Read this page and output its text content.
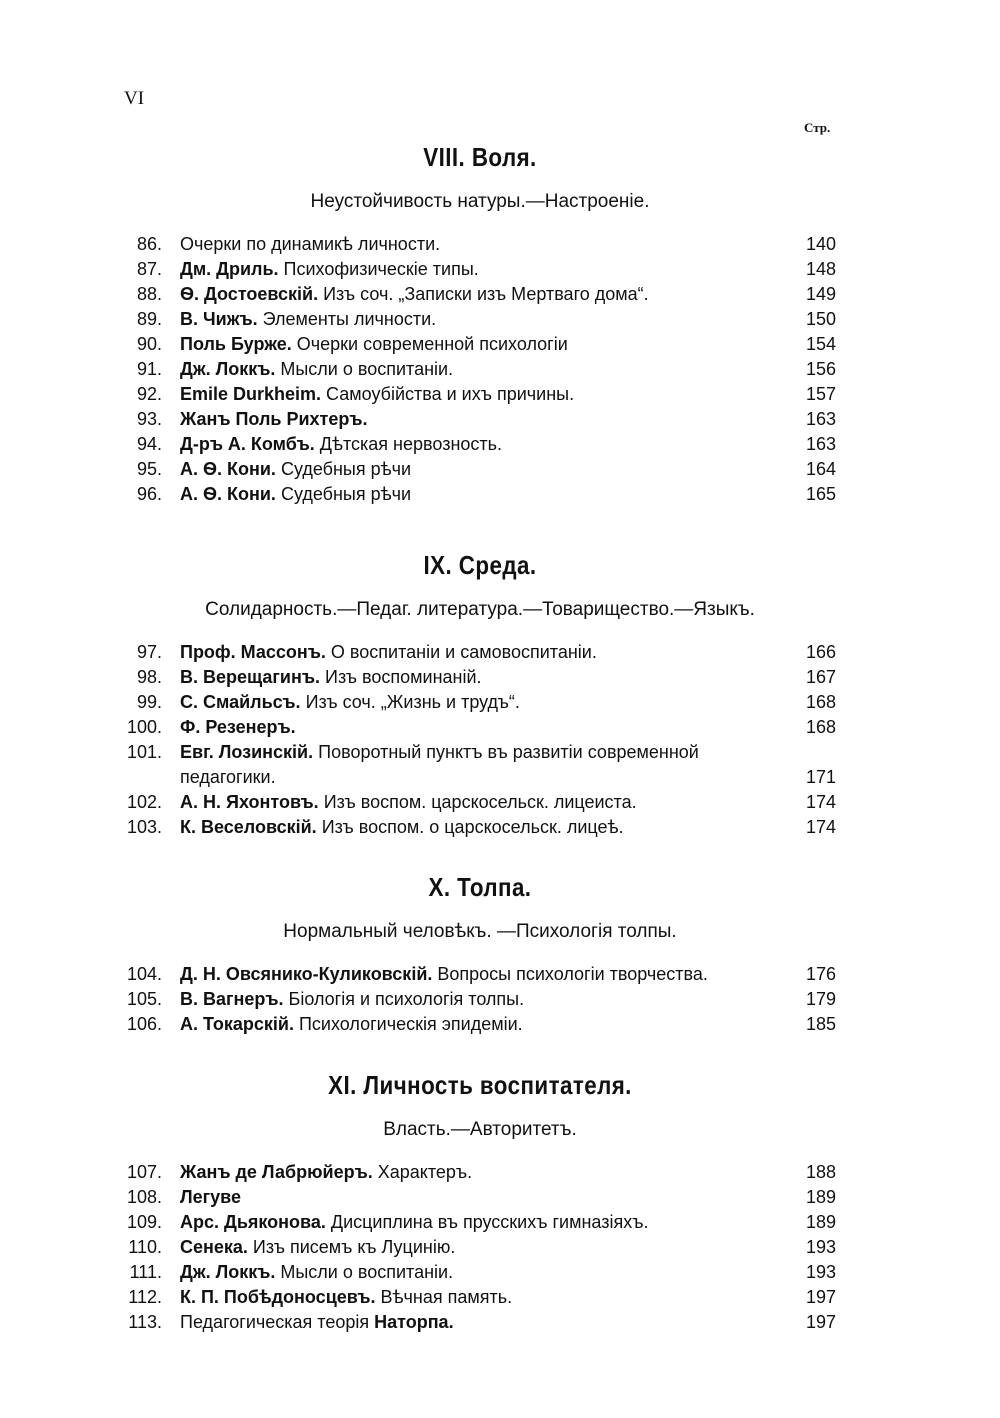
VI
Стр.
VIII. Воля.
Неустойчивость натуры.—Настроеніе.
86. Очерки по динамикѣ личности.	140
87. Дм. Дриль. Психофизическіе типы.	148
88. Ѳ. Достоевскій. Изъ соч. „Записки изъ Мертваго дома“.	149
89. В. Чижъ. Элементы личности.	150
90. Поль Бурже. Очерки современной психологіи	154
91. Дж. Локкъ. Мысли о воспитаніи.	156
92. Emile Durkheim. Самоубійства и ихъ причины.	157
93. Жанъ Поль Рихтеръ.	163
94. Д-ръ А. Комбъ. Дѣтская нервозность.	163
95. А. Ѳ. Кони. Судебныя рѣчи	164
96. А. Ѳ. Кони. Судебныя рѣчи	165
IX. Среда.
Солидарность.—Педаг. литература.—Товарищество.—Языкъ.
97. Проф. Массонъ. О воспитаніи и самовоспитаніи.	166
98. В. Верещагинъ. Изъ воспоминаній.	167
99. С. Смайльсъ. Изъ соч. „Жизнь и трудъ“.	168
100. Ф. Резенеръ.	168
101. Евг. Лозинскій. Поворотный пунктъ въ развитіи современной педагогики.	171
102. А. Н. Яхонтовъ. Изъ воспом. царскосельск. лицеиста.	174
103. К. Веселовскій. Изъ воспом. о царскосельск. лицеѣ.	174
X. Толпа.
Нормальный человѣкъ. —Психологія толпы.
104. Д. Н. Овсянико-Куликовскій. Вопросы психологіи творчества.	176
105. В. Вагнеръ. Біологія и психологія толпы.	179
106. А. Токарскій. Психологическія эпидеміи.	185
XI. Личность воспитателя.
Власть.—Авторитетъ.
107. Жанъ де Лабрюйеръ. Характеръ.	188
108. Легуве	189
109. Арс. Дьяконова. Дисциплина въ прусскихъ гимназіяхъ.	189
110. Сенека. Изъ писемъ къ Луцинію.	193
111. Дж. Локкъ. Мысли о воспитаніи.	193
112. К. П. Побѣдоносцевъ. Вѣчная память.	197
113. Педагогическая теорія Наторпа.	197
